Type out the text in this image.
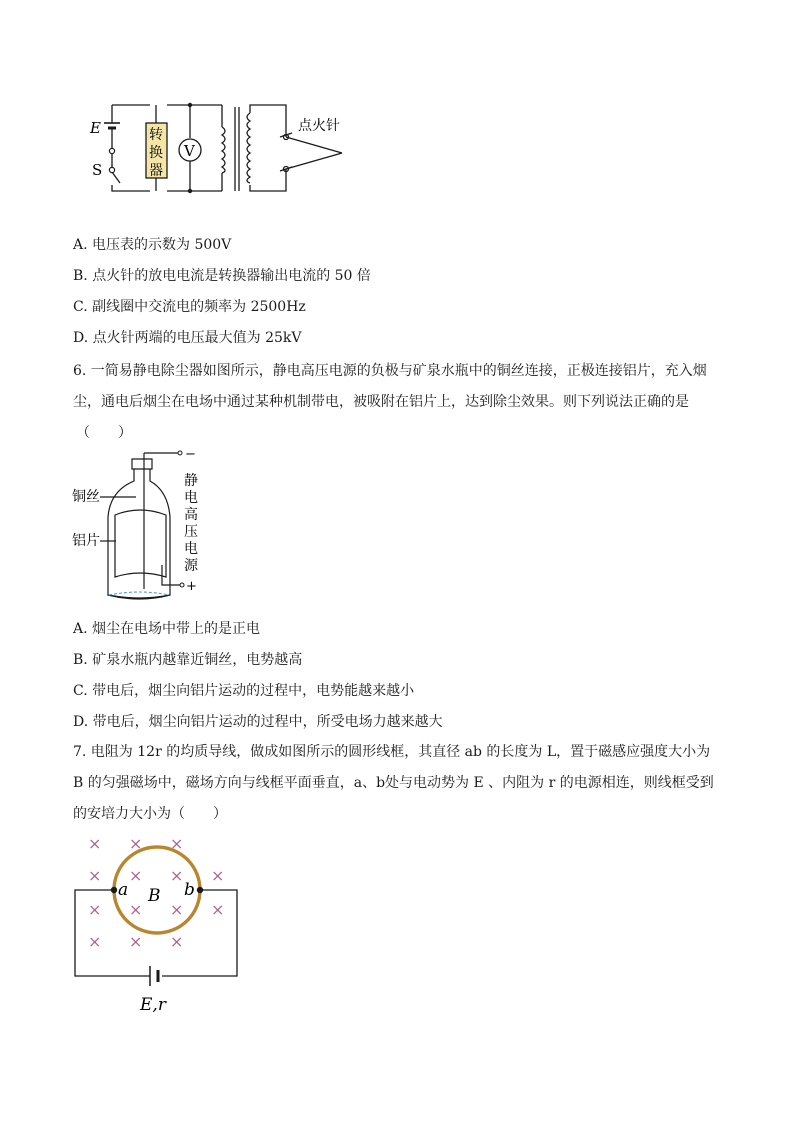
E
S
转
换
器
V
点火针
A. 电压表的示数为 500V
B. 点火针的放电电流是转换器输出电流的 50 倍
C. 副线圈中交流电的频率为 2500Hz
D. 点火针两端的电压最大值为 25kV
6. 一简易静电除尘器如图所示，静电高压电源的负极与矿泉水瓶中的铜丝连接，正极连接铝片，充入烟尘，通电后烟尘在电场中通过某种机制带电，被吸附在铝片上，达到除尘效果。则下列说法正确的是
（　　）
铜丝
铝片
−
+
静
电
高
压
电
源
A. 烟尘在电场中带上的是正电
B. 矿泉水瓶内越靠近铜丝，电势越高
C. 带电后，烟尘向铝片运动的过程中，电势能越来越小
D. 带电后，烟尘向铝片运动的过程中，所受电场力越来越大
7. 电阻为 12r 的均质导线，做成如图所示的圆形线框，其直径 ab 的长度为 L，置于磁感应强度大小为 B 的匀强磁场中，磁场方向与线框平面垂直，a、b处与电动势为 E 、内阻为 r 的电源相连，则线框受到的安培力大小为（　　）
× × ×
× × × ×
× × × ×
× × ×
a B b
E,r
